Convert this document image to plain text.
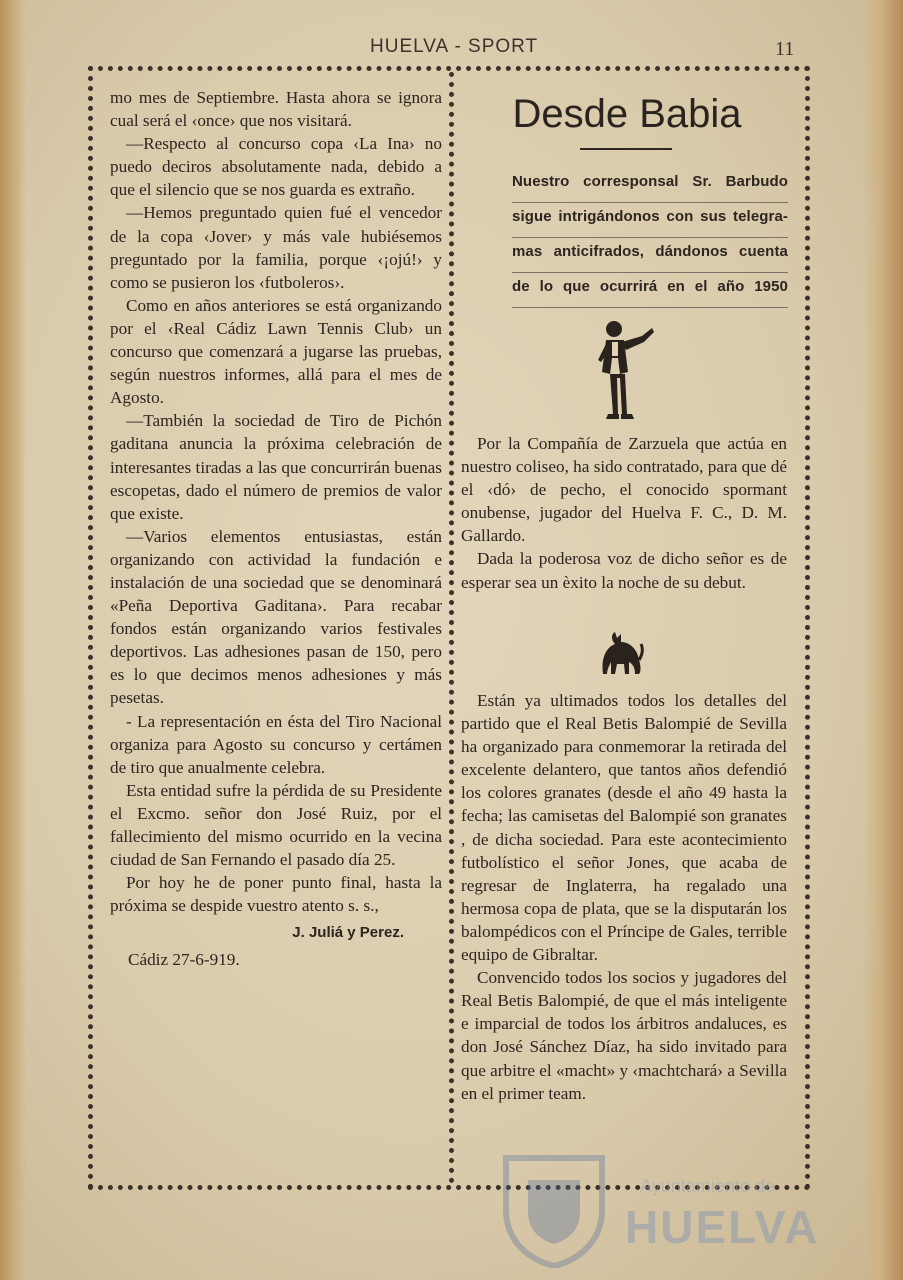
HUELVA - SPORT	11

mo mes de Septiembre. Hasta ahora se ignora cual será el ‹once› que nos visitará.

—Respecto al concurso copa ‹La Ina› no puedo deciros absolutamente nada, debido a que el silencio que se nos guarda es extraño.

—Hemos preguntado quien fué el vencedor de la copa ‹Jover› y más vale hubiésemos preguntado por la familia, porque ‹¡ojú!› y como se pusieron los ‹futboleros›.

Como en años anteriores se está organizando por el ‹Real Cádiz Lawn Tennis Club› un concurso que comenzará a jugarse las pruebas, según nuestros informes, allá para el mes de Agosto.

—También la sociedad de Tiro de Pichón gaditana anuncia la próxima celebración de interesantes tiradas a las que concurrirán buenas escopetas, dado el número de premios de valor que existe.

—Varios elementos entusiastas, están organizando con actividad la fundación e instalación de una sociedad que se denominará «Peña Deportiva Gaditana›. Para recabar fondos están organizando varios festivales deportivos. Las adhesiones pasan de 150, pero es lo que decimos menos adhesiones y más pesetas.

- La representación en ésta del Tiro Nacional organiza para Agosto su concurso y certámen de tiro que anualmente celebra.

Esta entidad sufre la pérdida de su Presidente el Excmo. señor don José Ruiz, por el fallecimiento del mismo ocurrido en la vecina ciudad de San Fernando el pasado día 25.

Por hoy he de poner punto final, hasta la próxima se despide vuestro atento s. s.,

J. Juliá y Perez.

Cádiz 27-6-919.

Desde Babia
Nuestro corresponsal Sr. Barbudo
sigue intrigándonos con sus telegra-
mas anticifrados, dándonos cuenta
de lo que ocurrirá en el año 1950

Por la Compañía de Zarzuela que actúa en nuestro coliseo, ha sido contratado, para que dé el ‹dó› de pecho, el conocido spormant onubense, jugador del Huelva F. C., D. M. Gallardo.

Dada la poderosa voz de dicho señor es de esperar sea un èxito la noche de su debut.

Están ya ultimados todos los detalles del partido que el Real Betis Balompié de Sevilla ha organizado para conmemorar la retirada del excelente delantero, que tantos años defendió los colores granates (desde el año 49 hasta la fecha; las camisetas del Balompié son granates , de dicha sociedad. Para este acontecimiento futbolístico el señor Jones, que acaba de regresar de Inglaterra, ha regalado una hermosa copa de plata, que se la disputarán los balompédicos con el Príncipe de Gales, terrible equipo de Gibraltar.

Convencido todos los socios y jugadores del Real Betis Balompié, de que el más inteligente e imparcial de todos los árbitros andaluces, es don José Sánchez Díaz, ha sido invitado para que arbitre el «macht» y ‹machtchará› a Sevilla en el primer team.

Ayuntamiento de
HUELVA
